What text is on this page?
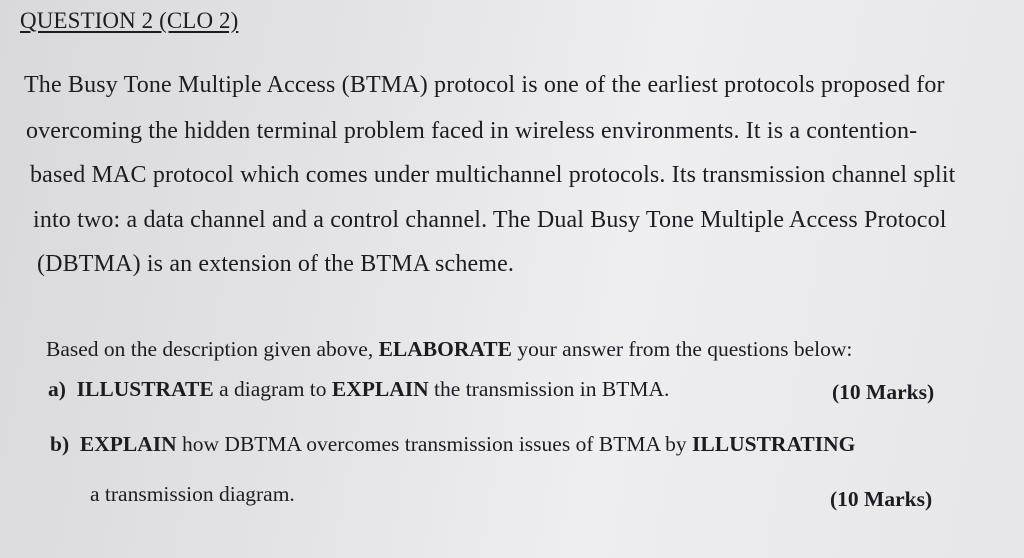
QUESTION 2 (CLO 2)
The Busy Tone Multiple Access (BTMA) protocol is one of the earliest protocols proposed for
overcoming the hidden terminal problem faced in wireless environments. It is a contention-
based MAC protocol which comes under multichannel protocols. Its transmission channel split
into two: a data channel and a control channel. The Dual Busy Tone Multiple Access Protocol
(DBTMA) is an extension of the BTMA scheme.
Based on the description given above, ELABORATE your answer from the questions below:
a) ILLUSTRATE a diagram to EXPLAIN the transmission in BTMA.	(10 Marks)
b) EXPLAIN how DBTMA overcomes transmission issues of BTMA by ILLUSTRATING
a transmission diagram.	(10 Marks)
